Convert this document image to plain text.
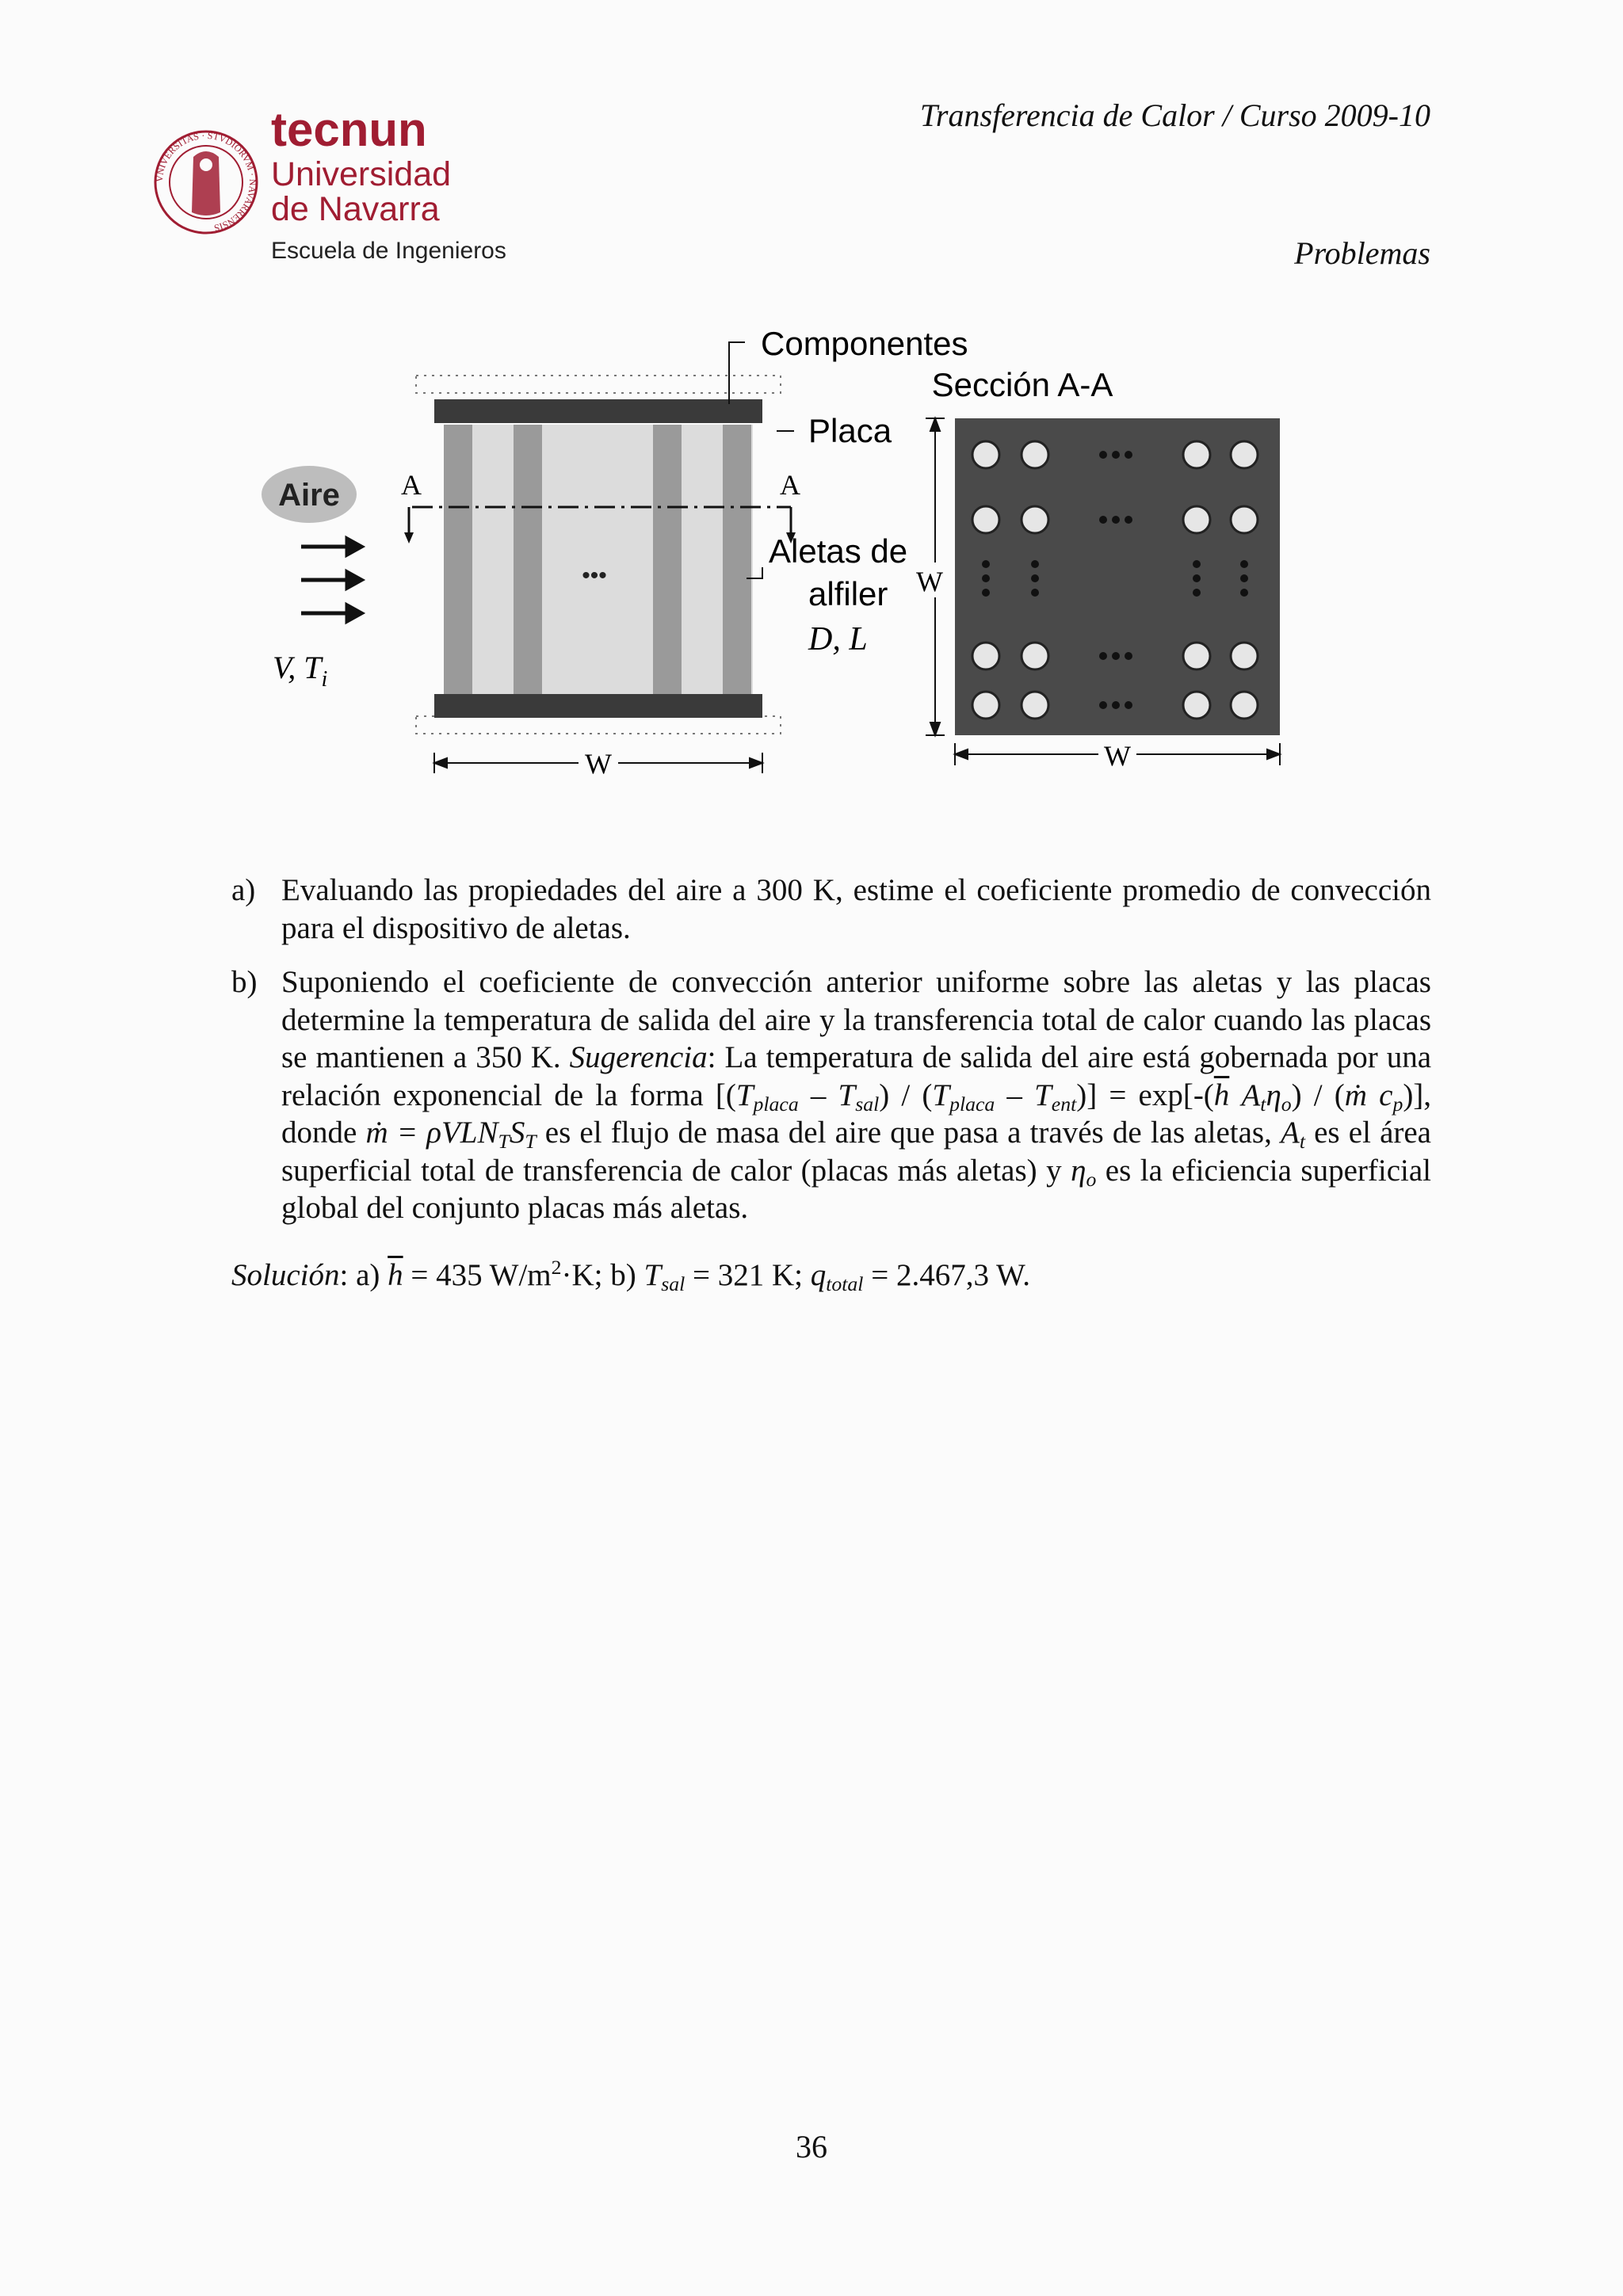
VNIVERSITAS · STVDIORVM · NAVARRENSIS
tecnun
Universidad
de Navarra
Escuela de Ingenieros
Transferencia de Calor / Curso 2009-10
Problemas
•••
A	A
Aire
V, $T_i$
Componentes
Placa
Aletas de
alfiler
D, L
W
Sección A-A
W
W
a) Evaluando las propiedades del aire a 300 K, estime el coeficiente promedio de convección para el dispositivo de aletas.
b) Suponiendo el coeficiente de convección anterior uniforme sobre las aletas y las placas determine la temperatura de salida del aire y la transferencia total de calor cuando las placas se mantienen a 350 K. Sugerencia: La temperatura de salida del aire está gobernada por una relación exponencial de la forma $[(T_{placa} - T_{sal}) / (T_{placa} - T_{ent})] = \exp[-(\overline{h}$ $A_t\eta_o$) / (ṁ $c_p$)], donde ṁ = $\rho VLN_TS_T$ es el flujo de masa del aire que pasa a través de las aletas, $A_t$ es el área superficial total de transferencia de calor (placas más aletas) y $\eta_o$ es la eficiencia superficial global del conjunto placas más aletas.
Solución: a) $\overline{h} = 435$ $W/m^2\cdot K$; b) $T_{sal} = 321$ K; $q_{total} = 2.467,3$ W.
36
